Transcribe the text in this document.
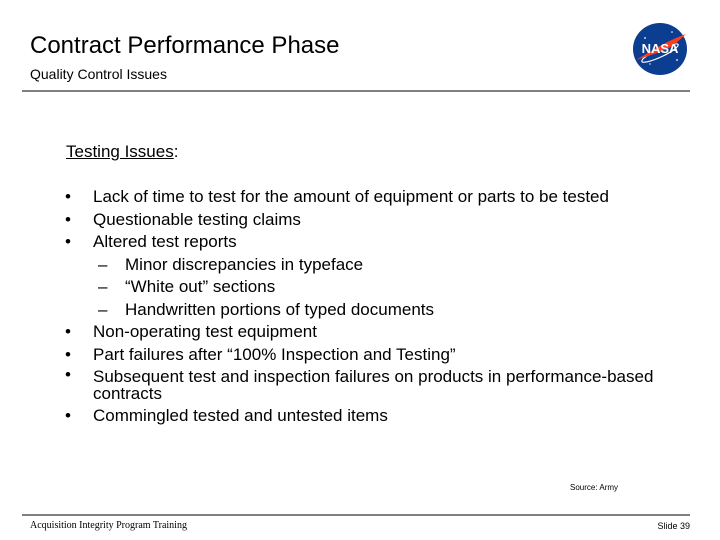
Contract Performance Phase
Quality Control Issues
NASA
Testing Issues:
• Lack of time to test for the amount of equipment or parts to be tested
• Questionable testing claims
• Altered test reports
– Minor discrepancies in typeface
– “White out” sections
– Handwritten portions of typed documents
• Non-operating test equipment
• Part failures after “100% Inspection and Testing”
• Subsequent test and inspection failures on products in performance-based contracts
• Commingled tested and untested items
Source: Army
Acquisition Integrity Program Training	Slide 39
